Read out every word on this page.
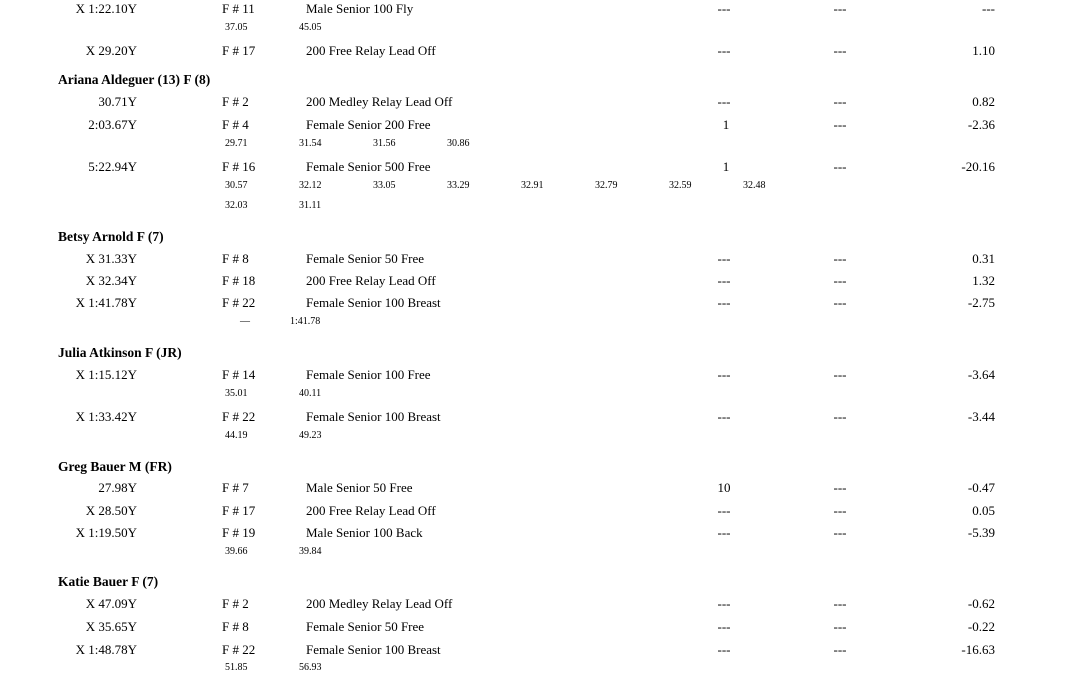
X 1:22.10Y	F # 11	Male Senior 100 Fly	---	---	---
37.05	45.05
X 29.20Y	F # 17	200 Free Relay Lead Off	---	---	1.10
Ariana Aldeguer (13) F (8)
30.71Y	F # 2	200 Medley Relay Lead Off	---	---	0.82
2:03.67Y	F # 4	Female Senior 200 Free	1	---	-2.36
29.71	31.54	31.56	30.86
5:22.94Y	F # 16	Female Senior 500 Free	1	---	-20.16
30.57	32.12	33.05	33.29	32.91	32.79	32.59	32.48
32.03	31.11
Betsy Arnold F (7)
X 31.33Y	F # 8	Female Senior 50 Free	---	---	0.31
X 32.34Y	F # 18	200 Free Relay Lead Off	---	---	1.32
X 1:41.78Y	F # 22	Female Senior 100 Breast	---	---	-2.75
—	1:41.78
Julia Atkinson F (JR)
X 1:15.12Y	F # 14	Female Senior 100 Free	---	---	-3.64
35.01	40.11
X 1:33.42Y	F # 22	Female Senior 100 Breast	---	---	-3.44
44.19	49.23
Greg Bauer M (FR)
27.98Y	F # 7	Male Senior 50 Free	10	---	-0.47
X 28.50Y	F # 17	200 Free Relay Lead Off	---	---	0.05
X 1:19.50Y	F # 19	Male Senior 100 Back	---	---	-5.39
39.66	39.84
Katie Bauer F (7)
X 47.09Y	F # 2	200 Medley Relay Lead Off	---	---	-0.62
X 35.65Y	F # 8	Female Senior 50 Free	---	---	-0.22
X 1:48.78Y	F # 22	Female Senior 100 Breast	---	---	-16.63
51.85	56.93
